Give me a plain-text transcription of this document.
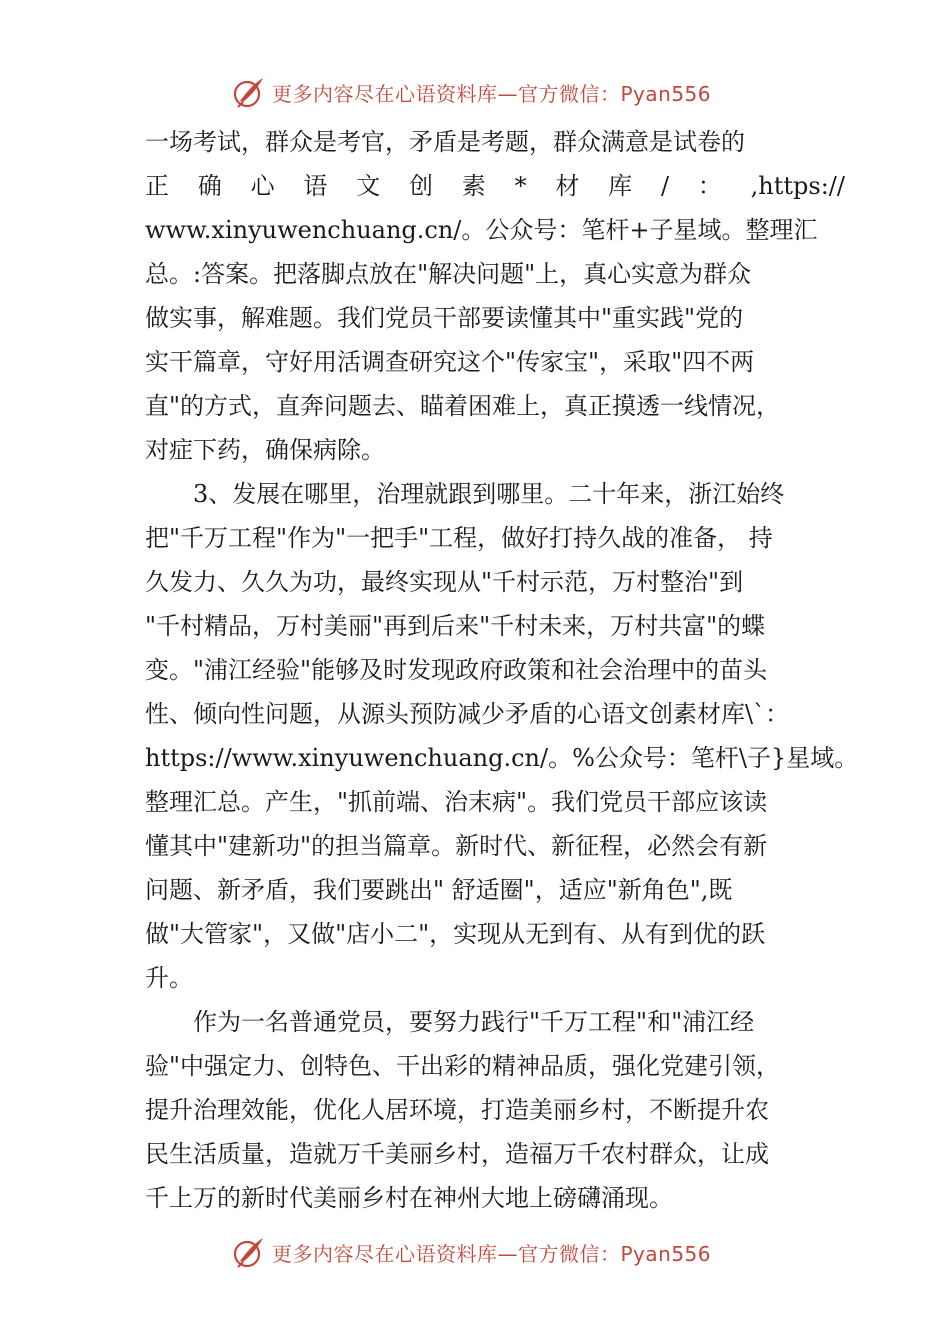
更多内容尽在心语资料库—官方微信：Pyan556
一场考试，群众是考官，矛盾是考题，群众满意是试卷的
正 确 心 语 文 创 素 * 材 库 / ： ,https://
www.xinyuwenchuang.cn/。公众号：笔杆+子星域。整理汇
总。:答案。把落脚点放在"解决问题"上，真心实意为群众
做实事，解难题。我们党员干部要读懂其中"重实践"党的
实干篇章，守好用活调查研究这个"传家宝"，采取"四不两
直"的方式，直奔问题去、瞄着困难上，真正摸透一线情况，
对症下药，确保病除。
　　3、发展在哪里，治理就跟到哪里。二十年来，浙江始终
把"千万工程"作为"一把手"工程，做好打持久战的准备， 持
久发力、久久为功，最终实现从"千村示范，万村整治"到
"千村精品，万村美丽"再到后来"千村未来，万村共富"的蝶
变。"浦江经验"能够及时发现政府政策和社会治理中的苗头
性、倾向性问题，从源头预防减少矛盾的心语文创素材库\`：
https://www.xinyuwenchuang.cn/。%公众号：笔杆\子}星域。
整理汇总。产生，"抓前端、治末病"。我们党员干部应该读
懂其中"建新功"的担当篇章。新时代、新征程，必然会有新
问题、新矛盾，我们要跳出" 舒适圈"，适应"新角色",既
做"大管家"，又做"店小二"，实现从无到有、从有到优的跃
升。
　　作为一名普通党员，要努力践行"千万工程"和"浦江经
验"中强定力、创特色、干出彩的精神品质，强化党建引领，
提升治理效能，优化人居环境，打造美丽乡村，不断提升农
民生活质量，造就万千美丽乡村，造福万千农村群众，让成
千上万的新时代美丽乡村在神州大地上磅礴涌现。
更多内容尽在心语资料库—官方微信：Pyan556
